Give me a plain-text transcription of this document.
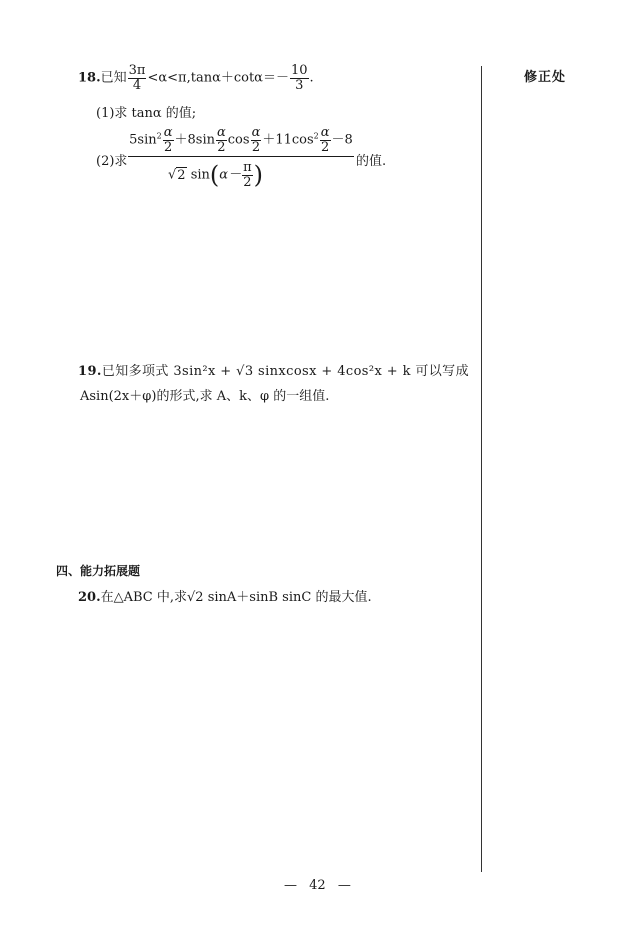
修正处
18.已知 $\frac{3\pi}{4} <\alpha<\pi,\tan\alpha+\cot\alpha=- \frac{10}{3}$ .
(1)求 tanα 的值;
(2)求
$5\sin^2 \frac{\alpha}{2} +8\sin \frac{\alpha}{2}$ $\cos \frac{\alpha}{2} +11\cos^2 \frac{\alpha}{2} -8$
√2 $\sin(\alpha- \frac{\pi}{2}$ )	的值.
19.已知多项式 3sin²x + √3 sinxcosx + 4cos²x + k 可以写成
Asin(2x＋φ)的形式,求 A、k、φ 的一组值.
四、能力拓展题
20.在△ABC 中,求√2 sinA＋sinB sinC 的最大值.
— 42 —
